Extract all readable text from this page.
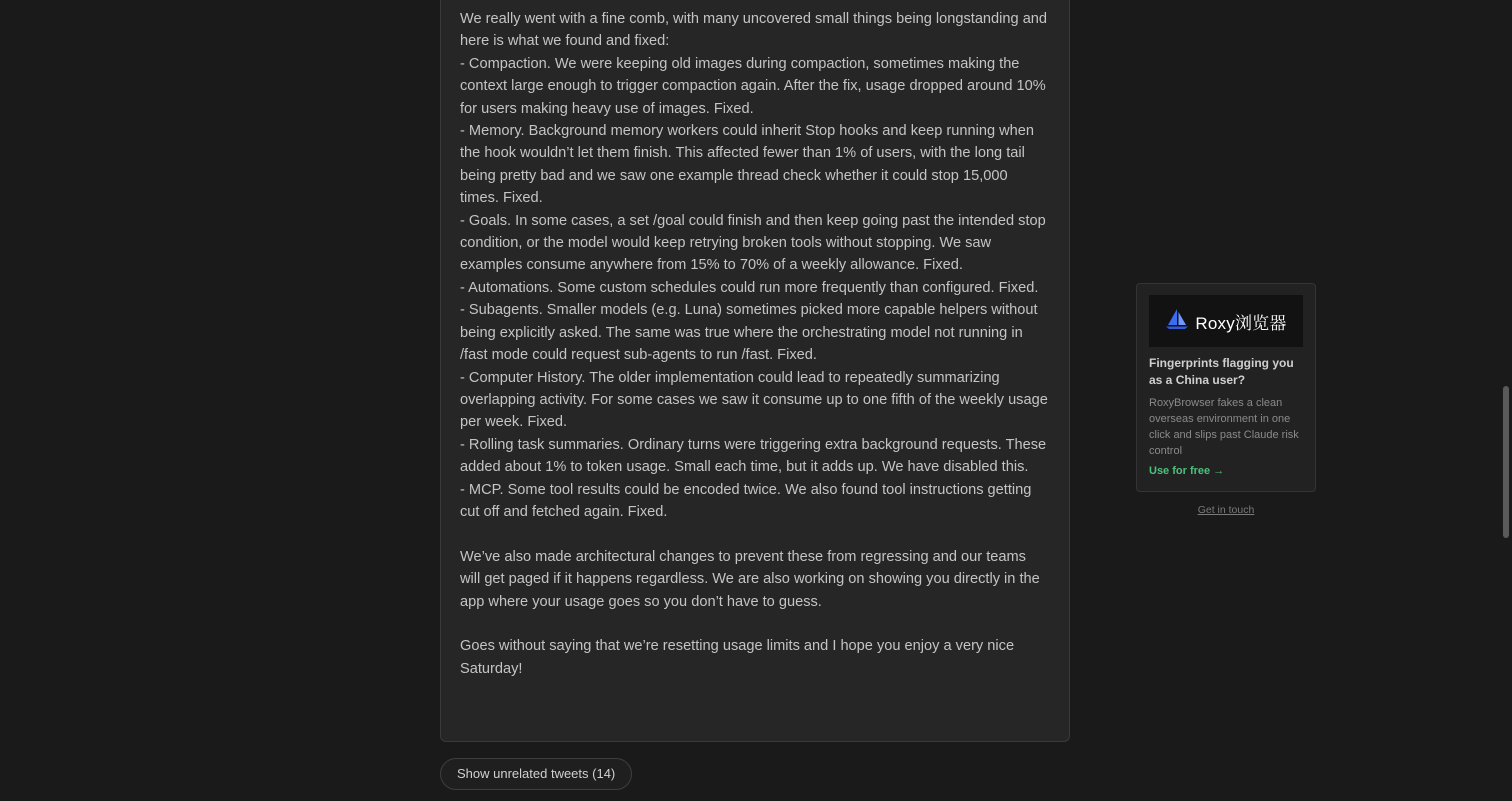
We really went with a fine comb, with many uncovered small things being longstanding and here is what we found and fixed:
- Compaction. We were keeping old images during compaction, sometimes making the context large enough to trigger compaction again. After the fix, usage dropped around 10% for users making heavy use of images. Fixed.
- Memory. Background memory workers could inherit Stop hooks and keep running when the hook wouldn’t let them finish. This affected fewer than 1% of users, with the long tail being pretty bad and we saw one example thread check whether it could stop 15,000 times. Fixed.
- Goals. In some cases, a set /goal could finish and then keep going past the intended stop condition, or the model would keep retrying broken tools without stopping. We saw examples consume anywhere from 15% to 70% of a weekly allowance. Fixed.
- Automations. Some custom schedules could run more frequently than configured. Fixed.
- Subagents. Smaller models (e.g. Luna) sometimes picked more capable helpers without being explicitly asked. The same was true where the orchestrating model not running in /fast mode could request sub-agents to run /fast. Fixed.
- Computer History. The older implementation could lead to repeatedly summarizing overlapping activity. For some cases we saw it consume up to one fifth of the weekly usage per week. Fixed.
- Rolling task summaries. Ordinary turns were triggering extra background requests. These added about 1% to token usage. Small each time, but it adds up. We have disabled this.
- MCP. Some tool results could be encoded twice. We also found tool instructions getting cut off and fetched again. Fixed.

We’ve also made architectural changes to prevent these from regressing and our teams will get paged if it happens regardless. We are also working on showing you directly in the app where your usage goes so you don’t have to guess.

Goes without saying that we’re resetting usage limits and I hope you enjoy a very nice Saturday!

Show unrelated tweets (14)
Roxy浏览器
Fingerprints flagging you as a China user?
RoxyBrowser fakes a clean overseas environment in one click and slips past Claude risk control
Use for free →
Get in touch
